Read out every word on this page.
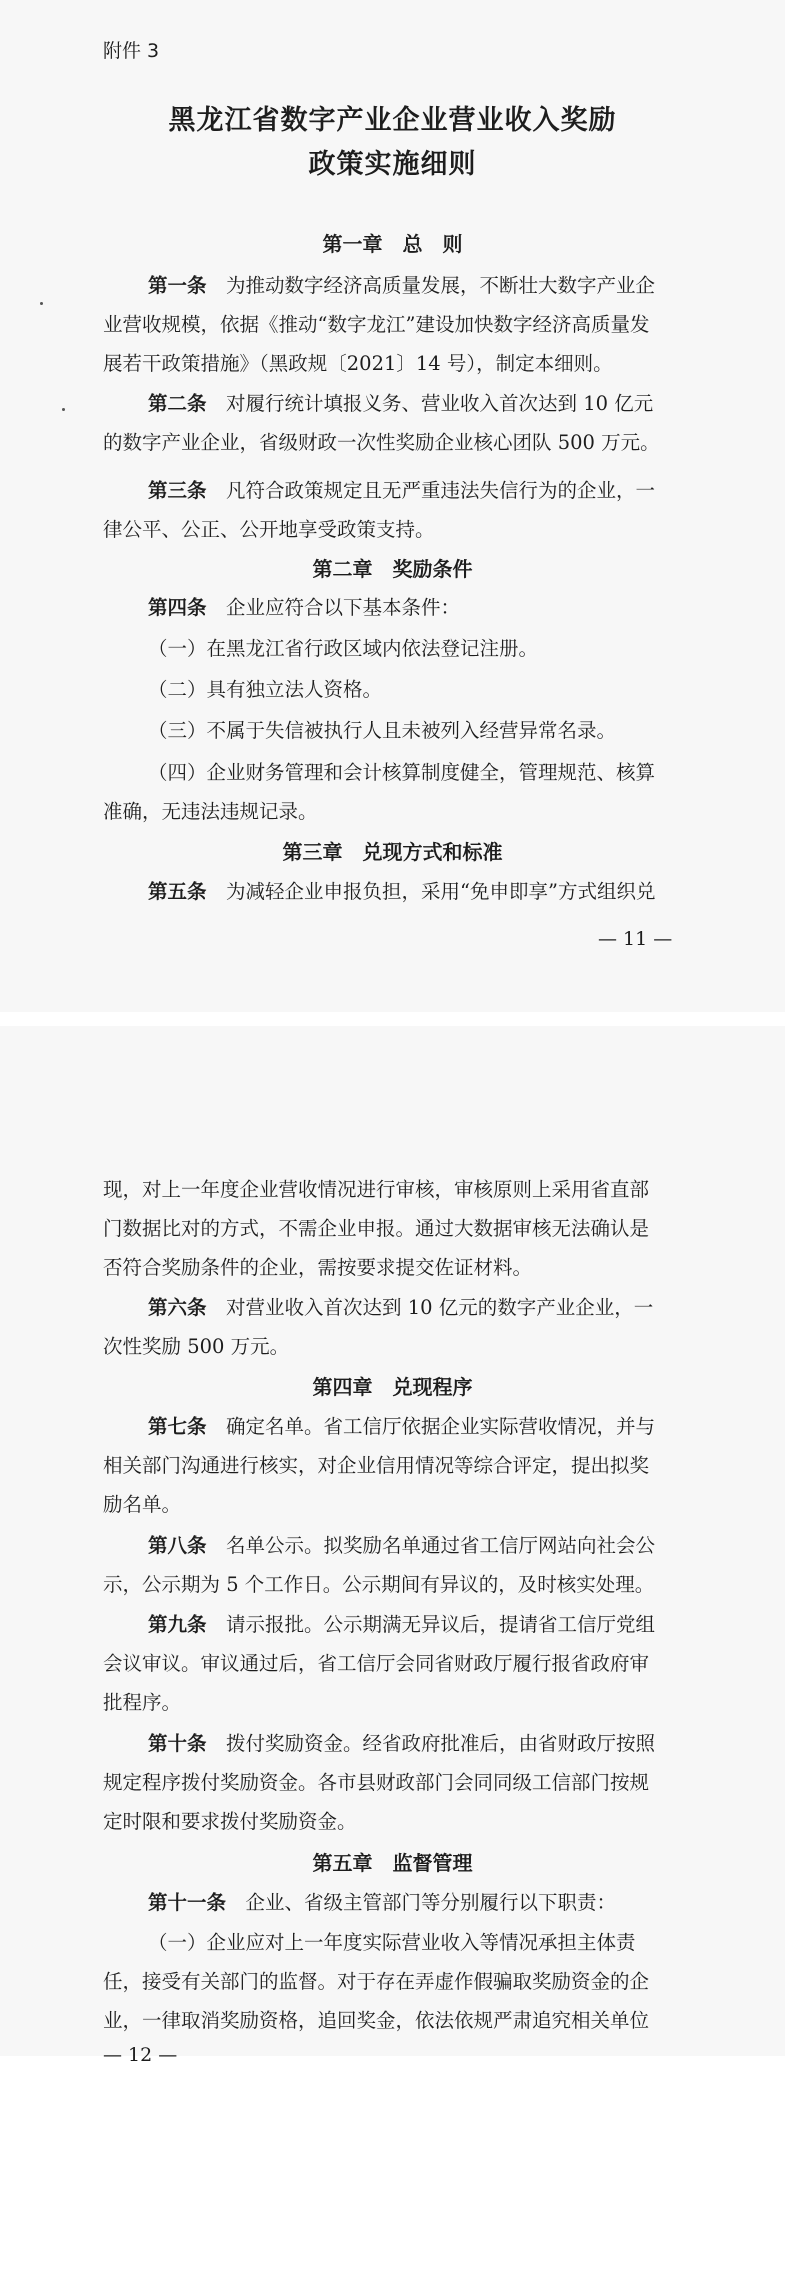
附件 3
黑龙江省数字产业企业营业收入奖励
政策实施细则
第一章　总　则
第一条　为推动数字经济高质量发展，不断壮大数字产业企
业营收规模，依据《推动“数字龙江”建设加快数字经济高质量发
展若干政策措施》（黑政规〔2021〕14 号），制定本细则。
第二条　对履行统计填报义务、营业收入首次达到 10 亿元
的数字产业企业，省级财政一次性奖励企业核心团队 500 万元。
第三条　凡符合政策规定且无严重违法失信行为的企业，一
律公平、公正、公开地享受政策支持。
第二章　奖励条件
第四条　企业应符合以下基本条件：
（一）在黑龙江省行政区域内依法登记注册。
（二）具有独立法人资格。
（三）不属于失信被执行人且未被列入经营异常名录。
（四）企业财务管理和会计核算制度健全，管理规范、核算
准确，无违法违规记录。
第三章　兑现方式和标准
第五条　为减轻企业申报负担，采用“免申即享”方式组织兑
— 11 —
现，对上一年度企业营收情况进行审核，审核原则上采用省直部
门数据比对的方式，不需企业申报。通过大数据审核无法确认是
否符合奖励条件的企业，需按要求提交佐证材料。
第六条　对营业收入首次达到 10 亿元的数字产业企业，一
次性奖励 500 万元。
第四章　兑现程序
第七条　确定名单。省工信厅依据企业实际营收情况，并与
相关部门沟通进行核实，对企业信用情况等综合评定，提出拟奖
励名单。
第八条　名单公示。拟奖励名单通过省工信厅网站向社会公
示，公示期为 5 个工作日。公示期间有异议的，及时核实处理。
第九条　请示报批。公示期满无异议后，提请省工信厅党组
会议审议。审议通过后，省工信厅会同省财政厅履行报省政府审
批程序。
第十条　拨付奖励资金。经省政府批准后，由省财政厅按照
规定程序拨付奖励资金。各市县财政部门会同同级工信部门按规
定时限和要求拨付奖励资金。
第五章　监督管理
第十一条　企业、省级主管部门等分别履行以下职责：
（一）企业应对上一年度实际营业收入等情况承担主体责
任，接受有关部门的监督。对于存在弄虚作假骗取奖励资金的企
业，一律取消奖励资格，追回奖金，依法依规严肃追究相关单位
— 12 —
